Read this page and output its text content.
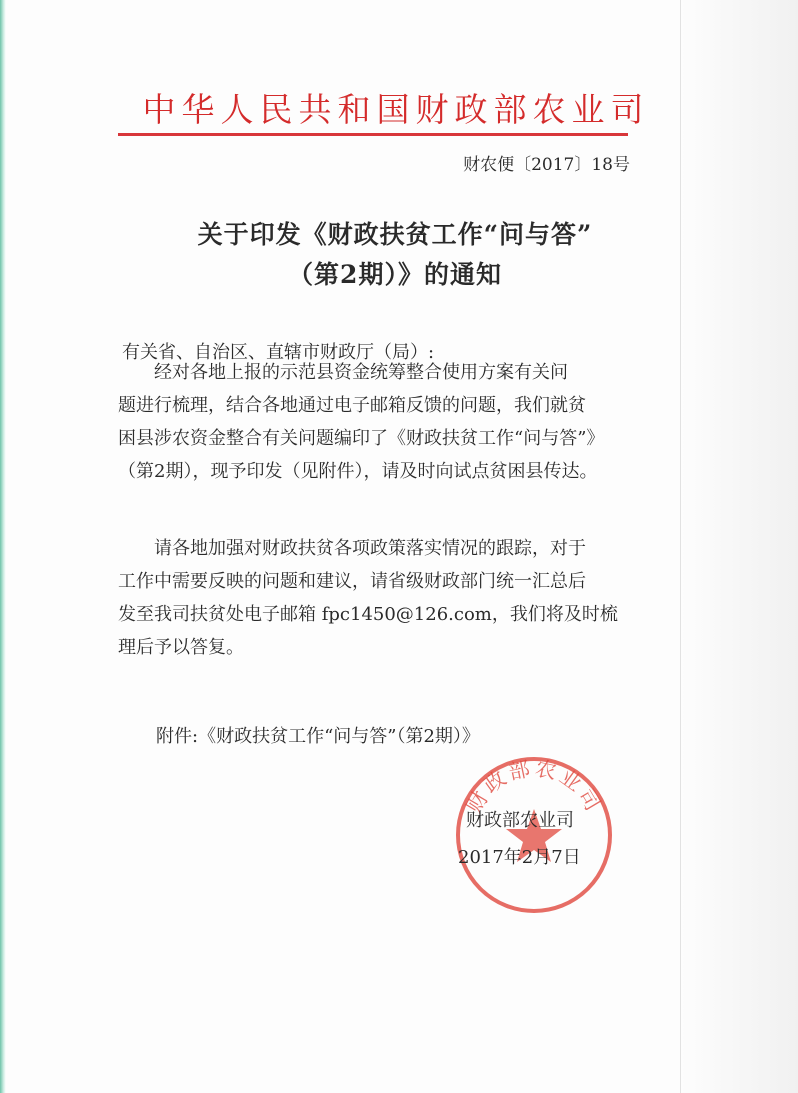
中华人民共和国财政部农业司
财农便〔2017〕18号
关于印发《财政扶贫工作“问与答”
（第2期）》的通知
有关省、自治区、直辖市财政厅（局）:
经对各地上报的示范县资金统筹整合使用方案有关问
题进行梳理，结合各地通过电子邮箱反馈的问题，我们就贫
困县涉农资金整合有关问题编印了《财政扶贫工作“问与答”》
（第2期），现予印发（见附件），请及时向试点贫困县传达。
请各地加强对财政扶贫各项政策落实情况的跟踪，对于
工作中需要反映的问题和建议，请省级财政部门统一汇总后
发至我司扶贫处电子邮箱 fpc1450@126.com，我们将及时梳
理后予以答复。
附件:《财政扶贫工作“问与答”（第2期）》
财政部农业司
财政部农业司
2017年2月7日
